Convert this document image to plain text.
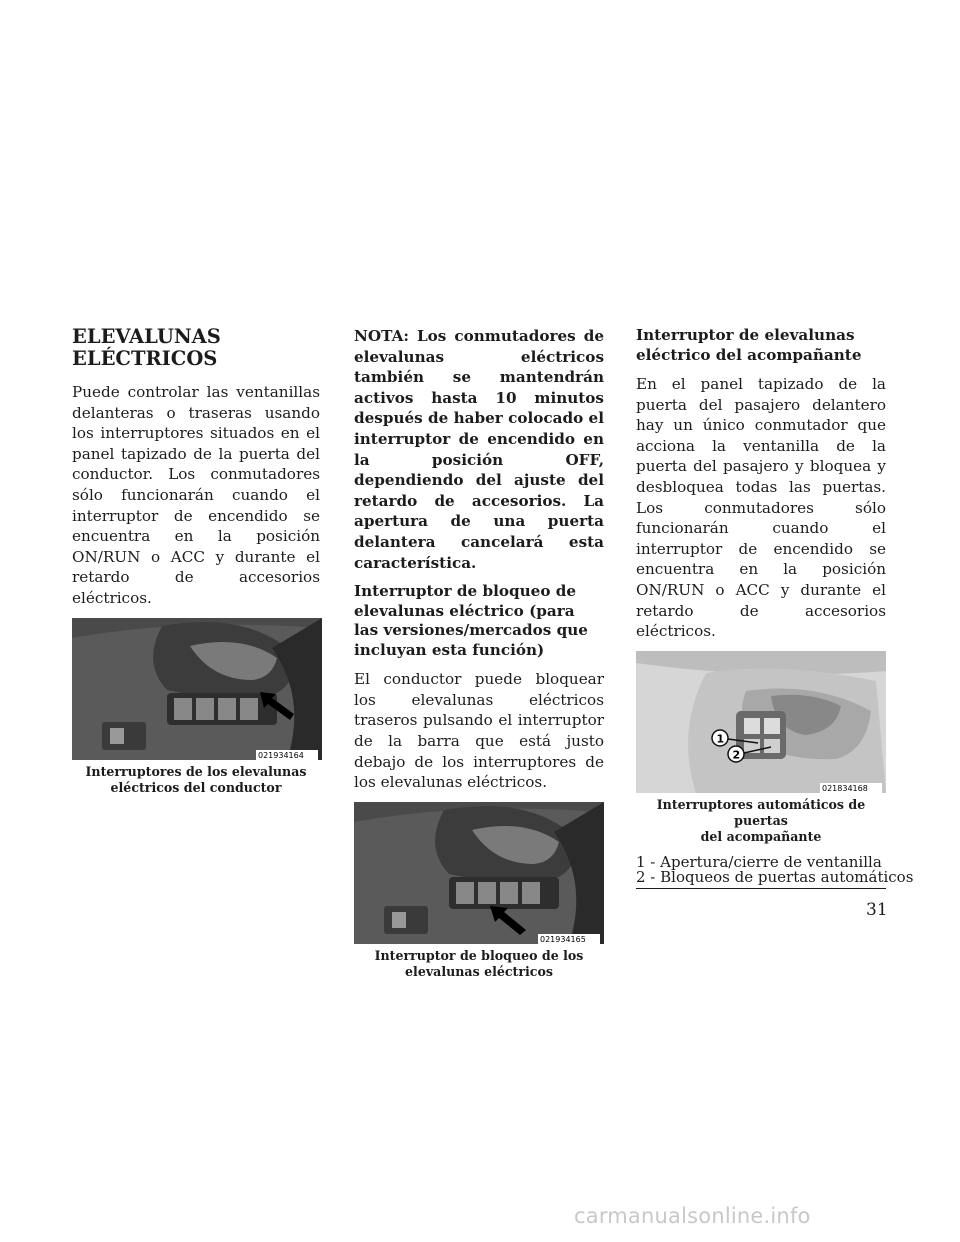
ELEVALUNAS
ELÉCTRICOS

Puede controlar las ventanillas delanteras o traseras usando los interruptores situados en el panel tapizado de la puerta del conductor. Los conmutadores sólo funcionarán cuando el interruptor de encendido se encuentra en la posición ON/RUN o ACC y durante el retardo de accesorios eléctricos.

021934164
Interruptores de los elevalunas
eléctricos del conductor

NOTA: Los conmutadores de elevalunas eléctricos también se mantendrán activos hasta 10 minutos después de haber colocado el interruptor de encendido en la posición OFF, dependiendo del ajuste del retardo de accesorios. La apertura de una puerta delantera cancelará esta característica.

Interruptor de bloqueo de elevalunas eléctrico (para las versiones/mercados que incluyan esta función)

El conductor puede bloquear los elevalunas eléctricos traseros pulsando el interruptor de la barra que está justo debajo de los interruptores de los elevalunas eléctricos.

021934165
Interruptor de bloqueo de los
elevalunas eléctricos
Interruptor de elevalunas eléctrico del acompañante

En el panel tapizado de la puerta del pasajero delantero hay un único conmutador que acciona la ventanilla de la puerta del pasajero y bloquea y desbloquea todas las puertas. Los conmutadores sólo funcionarán cuando el interruptor de encendido se encuentra en la posición ON/RUN o ACC y durante el retardo de accesorios eléctricos.

1
2
021834168
Interruptores automáticos de puertas
del acompañante
1 - Apertura/cierre de ventanilla
2 - Bloqueos de puertas automáticos
31
carmanualsonline.info
